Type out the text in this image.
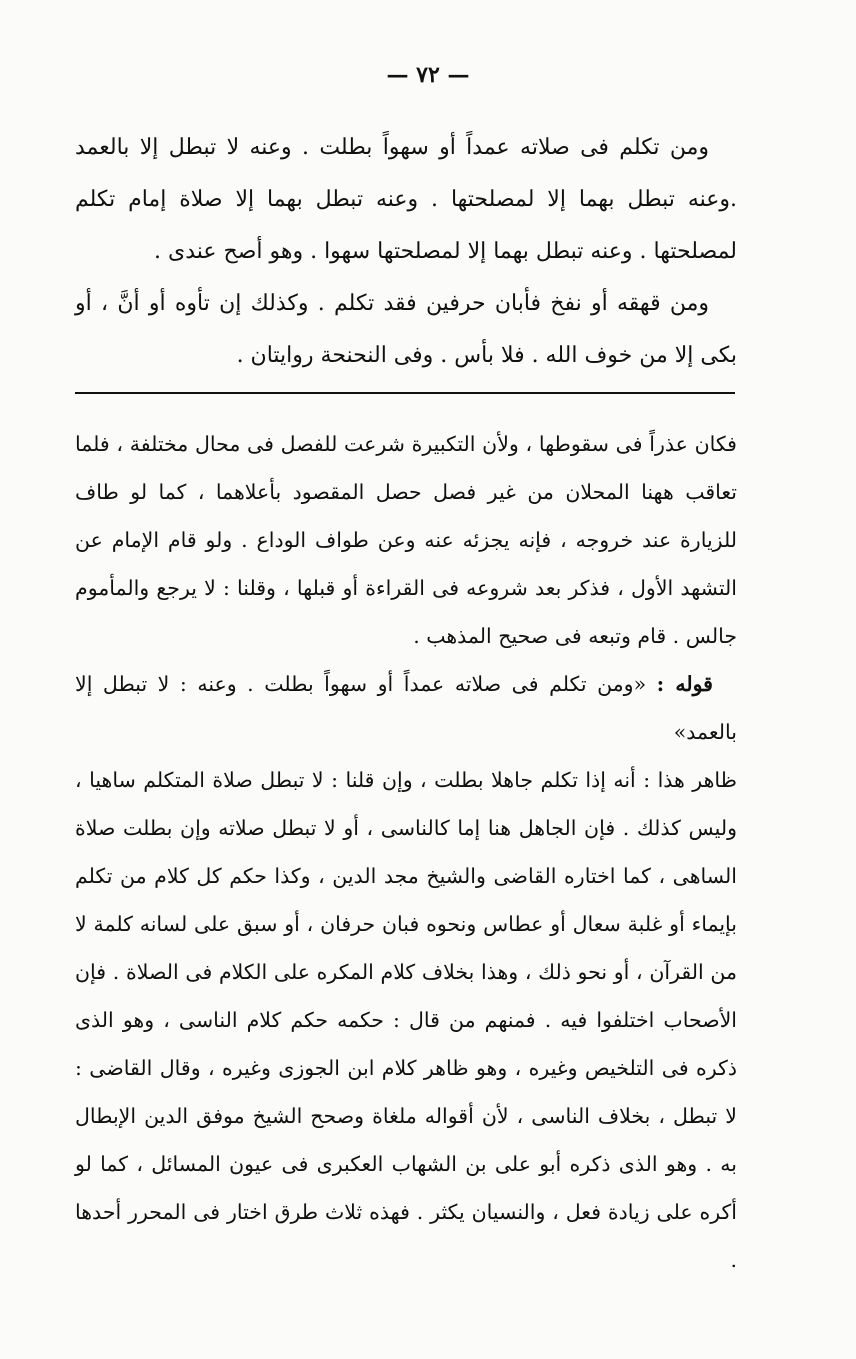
— ٧٢ —

ومن تكلم فى صلاته عمداً أو سهواً بطلت . وعنه لا تبطل إلا بالعمد .وعنه تبطل بهما إلا لمصلحتها . وعنه تبطل بهما إلا صلاة إمام تكلم لمصلحتها . وعنه تبطل بهما إلا لمصلحتها سهوا . وهو أصح عندى .

ومن قهقه أو نفخ فأبان حرفين فقد تكلم . وكذلك إن تأوه أو أنَّ ، أو بكى إلا من خوف الله . فلا بأس . وفى النحنحة روايتان .

فكان عذراً فى سقوطها ، ولأن التكبيرة شرعت للفصل فى محال مختلفة ، فلما تعاقب ههنا المحلان من غير فصل حصل المقصود بأعلاهما ، كما لو طاف للزيارة عند خروجه ، فإنه يجزئه عنه وعن طواف الوداع . ولو قام الإمام عن التشهد الأول ، فذكر بعد شروعه فى القراءة أو قبلها ، وقلنا : لا يرجع والمأموم جالس . قام وتبعه فى صحيح المذهب .

قوله : «ومن تكلم فى صلاته عمداً أو سهواً بطلت . وعنه : لا تبطل إلا بالعمد»

ظاهر هذا : أنه إذا تكلم جاهلا بطلت ، وإن قلنا : لا تبطل صلاة المتكلم ساهيا ، وليس كذلك . فإن الجاهل هنا إما كالناسى ، أو لا تبطل صلاته وإن بطلت صلاة الساهى ، كما اختاره القاضى والشيخ مجد الدين ، وكذا حكم كل كلام من تكلم بإيماء أو غلبة سعال أو عطاس ونحوه فبان حرفان ، أو سبق على لسانه كلمة لا من القرآن ، أو نحو ذلك ، وهذا بخلاف كلام المكره على الكلام فى الصلاة . فإن الأصحاب اختلفوا فيه . فمنهم من قال : حكمه حكم كلام الناسى ، وهو الذى ذكره فى التلخيص وغيره ، وهو ظاهر كلام ابن الجوزى وغيره ، وقال القاضى : لا تبطل ، بخلاف الناسى ، لأن أقواله ملغاة وصحح الشيخ موفق الدين الإبطال به . وهو الذى ذكره أبو على بن الشهاب العكبرى فى عيون المسائل ، كما لو أكره على زيادة فعل ، والنسيان يكثر . فهذه ثلاث طرق اختار فى المحرر أحدها .
